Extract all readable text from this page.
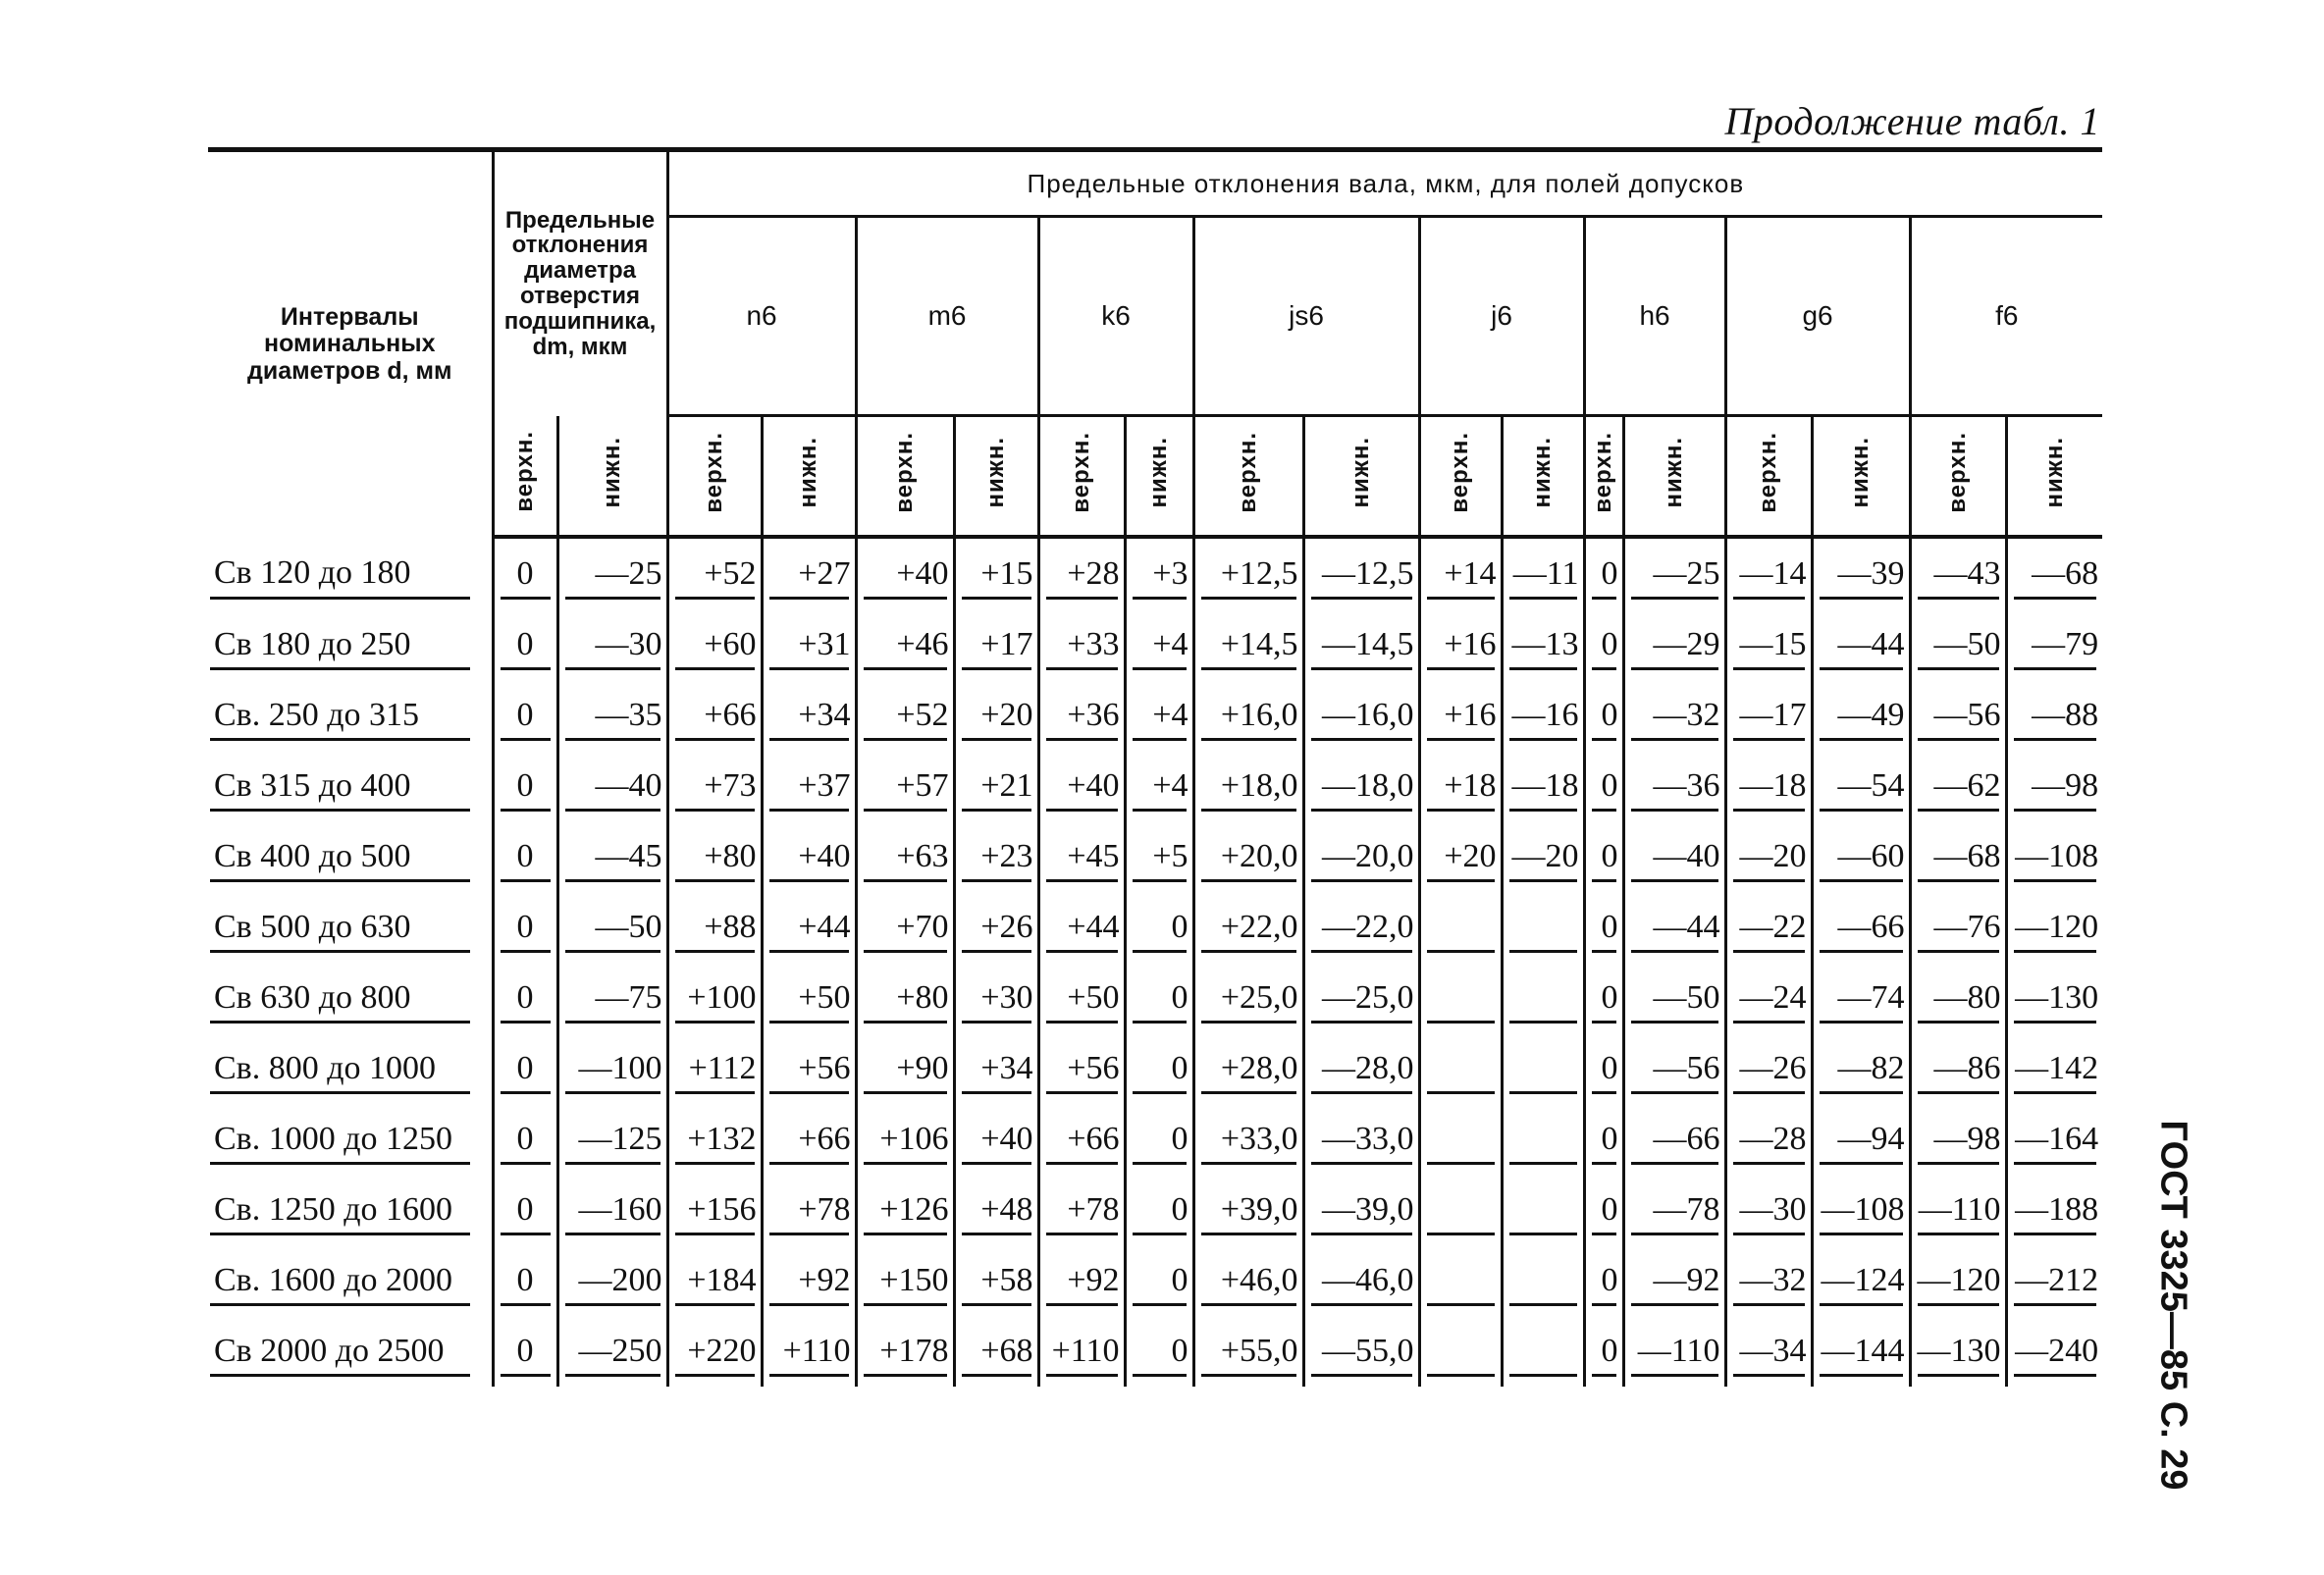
Продолжение табл. 1
Интервалы номинальных диаметров d, мм	Предельные отклонения диаметра отверстия подшипника, dm, мкм		Предельные отклонения вала, мкм, для полей допусков															
			n6		m6		k6		js6		j6		h6		g6		f6	
	верхн.	нижн.	верхн.	нижн.	верхн.	нижн.	верхн.	нижн.	верхн.	нижн.	верхн.	нижн.	верхн.	нижн.	верхн.	нижн.	верхн.	нижн.
Св 120 до 180	0	—25	+52	+27	+40	+15	+28	+3	+12,5	—12,5	+14	—11	0	—25	—14	—39	—43	—68
Св 180 до 250	0	—30	+60	+31	+46	+17	+33	+4	+14,5	—14,5	+16	—13	0	—29	—15	—44	—50	—79
Св. 250 до 315	0	—35	+66	+34	+52	+20	+36	+4	+16,0	—16,0	+16	—16	0	—32	—17	—49	—56	—88
Св 315 до 400	0	—40	+73	+37	+57	+21	+40	+4	+18,0	—18,0	+18	—18	0	—36	—18	—54	—62	—98
Св 400 до 500	0	—45	+80	+40	+63	+23	+45	+5	+20,0	—20,0	+20	—20	0	—40	—20	—60	—68	—108
Св 500 до 630	0	—50	+88	+44	+70	+26	+44	0	+22,0	—22,0			0	—44	—22	—66	—76	—120
Св 630 до 800	0	—75	+100	+50	+80	+30	+50	0	+25,0	—25,0			0	—50	—24	—74	—80	—130
Св. 800 до 1000	0	—100	+112	+56	+90	+34	+56	0	+28,0	—28,0			0	—56	—26	—82	—86	—142
Св. 1000 до 1250	0	—125	+132	+66	+106	+40	+66	0	+33,0	—33,0			0	—66	—28	—94	—98	—164
Св. 1250 до 1600	0	—160	+156	+78	+126	+48	+78	0	+39,0	—39,0			0	—78	—30	—108	—110	—188
Св. 1600 до 2000	0	—200	+184	+92	+150	+58	+92	0	+46,0	—46,0			0	—92	—32	—124	—120	—212
Св 2000 до 2500	0	—250	+220	+110	+178	+68	+110	0	+55,0	—55,0			0	—110	—34	—144	—130	—240 ГОСТ 3325—85 С. 29
